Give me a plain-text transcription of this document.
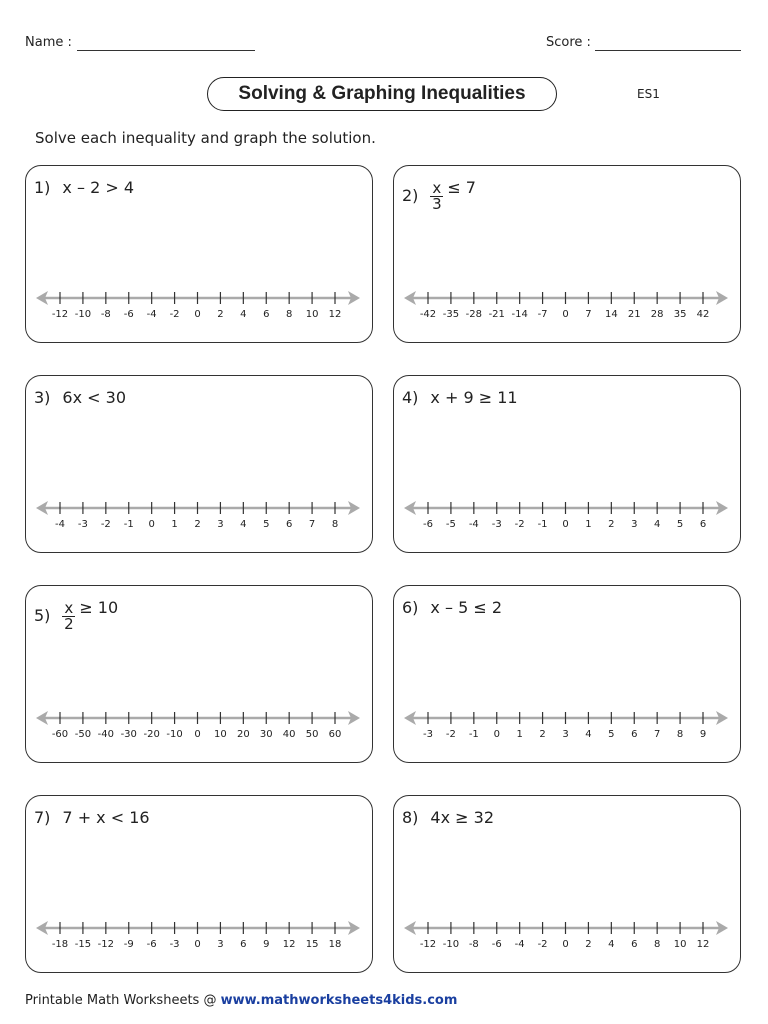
Name :	Score :
Solving & Graphing Inequalities	ES1
Solve each inequality and graph the solution.
1) x – 2 > 4
-12 -10 -8 -6 -4 -2 0 2 4 6 8 10 12
$2) \frac{x}{3} \le 7$
-42 -35 -28 -21 -14 -7 0 7 14 21 28 35 42
3) 6x < 30
-4 -3 -2 -1 0 1 2 3 4 5 6 7 8
4) x + 9 ≥ 11
-6 -5 -4 -3 -2 -1 0 1 2 3 4 5 6
$5) \frac{x}{2} \ge 10$
-60 -50 -40 -30 -20 -10 0 10 20 30 40 50 60
6) x – 5 ≤ 2
-3 -2 -1 0 1 2 3 4 5 6 7 8 9
7) 7 + x < 16
-18 -15 -12 -9 -6 -3 0 3 6 9 12 15 18
8) 4x ≥ 32
-12 -10 -8 -6 -4 -2 0 2 4 6 8 10 12
Printable Math Worksheets @ www.mathworksheets4kids.com
